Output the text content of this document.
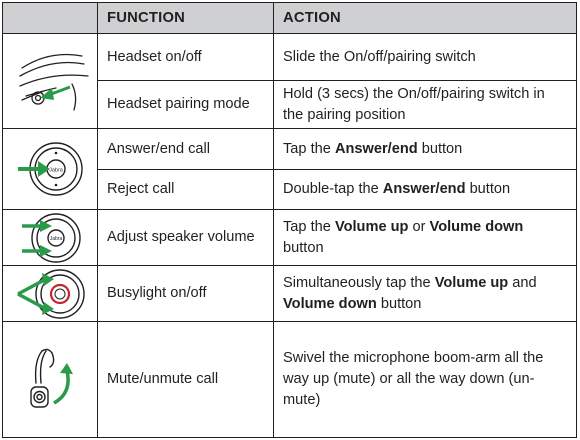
	FUNCTION	ACTION

	Headset on/off	Slide the On/off/pairing switch
	Headset pairing mode	Hold (3 secs) the On/off/pairing switch in the pairing position

Jabra	Answer/end call	Tap the Answer/end button
	Reject call	Double-tap the Answer/end button

Jabra	Adjust speaker volume	Tap the Volume up or Volume down button

	Busylight on/off	Simultaneously tap the Volume up and Volume down button

	Mute/unmute call	Swivel the microphone boom-arm all the way up (mute) or all the way down (un-mute)
